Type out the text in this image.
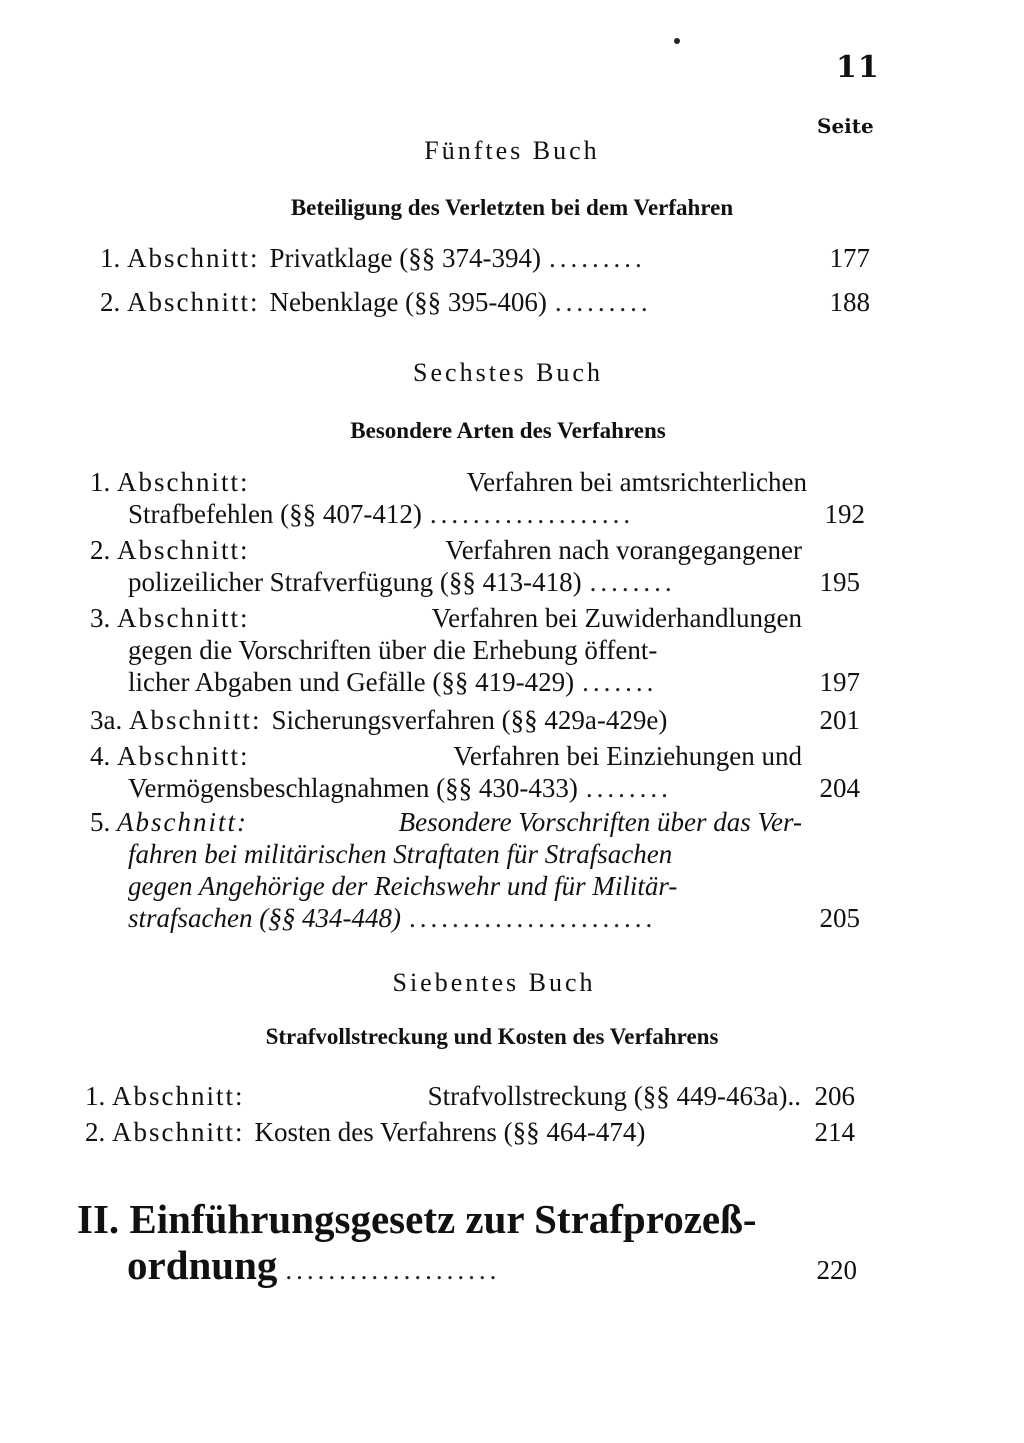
11
Seite
Fünftes Buch
Beteiligung des Verletzten bei dem Verfahren
1.
Abschnitt: Privatklage (§§ 374-394) .........	177
2.
Abschnitt: Nebenklage (§§ 395-406) .........	188
Sechstes Buch
Besondere Arten des Verfahrens
1. Abschnitt:	Verfahren bei amtsrichterlichen
Strafbefehlen (§§ 407-412) ...................	192
2. Abschnitt:	Verfahren nach vorangegangener
polizeilicher Strafverfügung (§§ 413-418) ........	195
3. Abschnitt:	Verfahren bei Zuwiderhandlungen
gegen die Vorschriften über die Erhebung öffent-
licher Abgaben und Gefälle (§§ 419-429) .......	197
3a.
Abschnitt: Sicherungsverfahren (§§ 429a-429e)	201
4. Abschnitt:	Verfahren bei Einziehungen und
Vermögensbeschlagnahmen (§§ 430-433) ........	204
5. Abschnitt:	Besondere Vorschriften über das Ver-
fahren bei militärischen Straftaten für Strafsachen
gegen Angehörige der Reichswehr und für Militär-
strafsachen (§§ 434-448) .......................	205
Siebentes Buch
Strafvollstreckung und Kosten des Verfahrens
1.
Abschnitt:	Strafvollstreckung (§§ 449-463a).. 206
2.
Abschnitt: Kosten des Verfahrens (§§ 464-474)	214
II. Einführungsgesetz zur Strafprozeß-
ordnung ....................	220
